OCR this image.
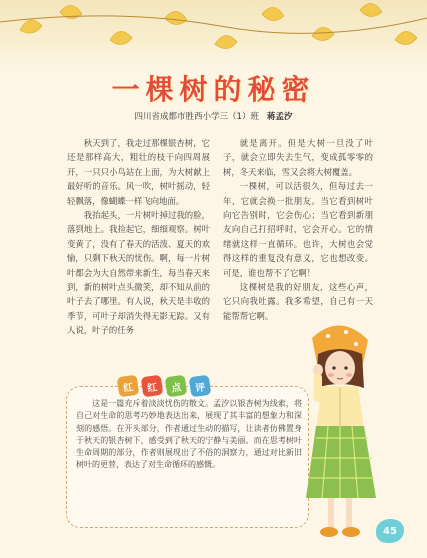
一棵树的秘密
四川省成都市胜西小学三（1）班 蒋孟汐

秋天到了，我走过那棵银杏树，它还是那样高大，粗壮的枝干向四周展开，一只只小鸟站在上面，为大树献上最好听的音乐。风一吹，树叶摇动，轻轻飘落，像蝴蝶一样飞向地面。

我抬起头，一片树叶掉过我的脸，落到地上。我捡起它，细细观察。树叶变黄了，没有了春天的活泼、夏天的欢愉，只剩下秋天的忧伤。啊，每一片树叶都会为大自然带来新生，每当春天来到，新的树叶点头微笑，却不知从前的叶子去了哪里。有人说，秋天是丰收的季节，可叶子却消失得无影无踪。又有人说，叶子的任务

就是离开。但是大树一旦没了叶子，就会立即失去生气，变成孤零零的树，冬天来临，雪又会将大树覆盖。

一棵树，可以活很久，但每过去一年，它就会换一批朋友。当它看到树叶向它告别时，它会伤心；当它看到新朋友向自己打招呼时，它会开心。它的情绪就这样一直循环。也许，大树也会觉得这样的重复没有意义，它也想改变。可是，谁也帮不了它啊！

这棵树是我的好朋友，这些心声，它只向我吐露。我多希望，自己有一天能帮帮它啊。

红	红	点	评
这是一篇充斥着淡淡忧伤的散文。孟汐以银杏树为线索，将自己对生命的思考巧妙地表达出来，展现了其丰富的想象力和深刻的感悟。在开头部分，作者通过生动的描写，让读者仿佛置身于秋天的银杏树下，感受到了秋天的宁静与美丽。而在思考树叶生命周期的部分，作者则展现出了不俗的洞察力，通过对比新旧树叶的更替，表达了对生命循环的感慨。
45
